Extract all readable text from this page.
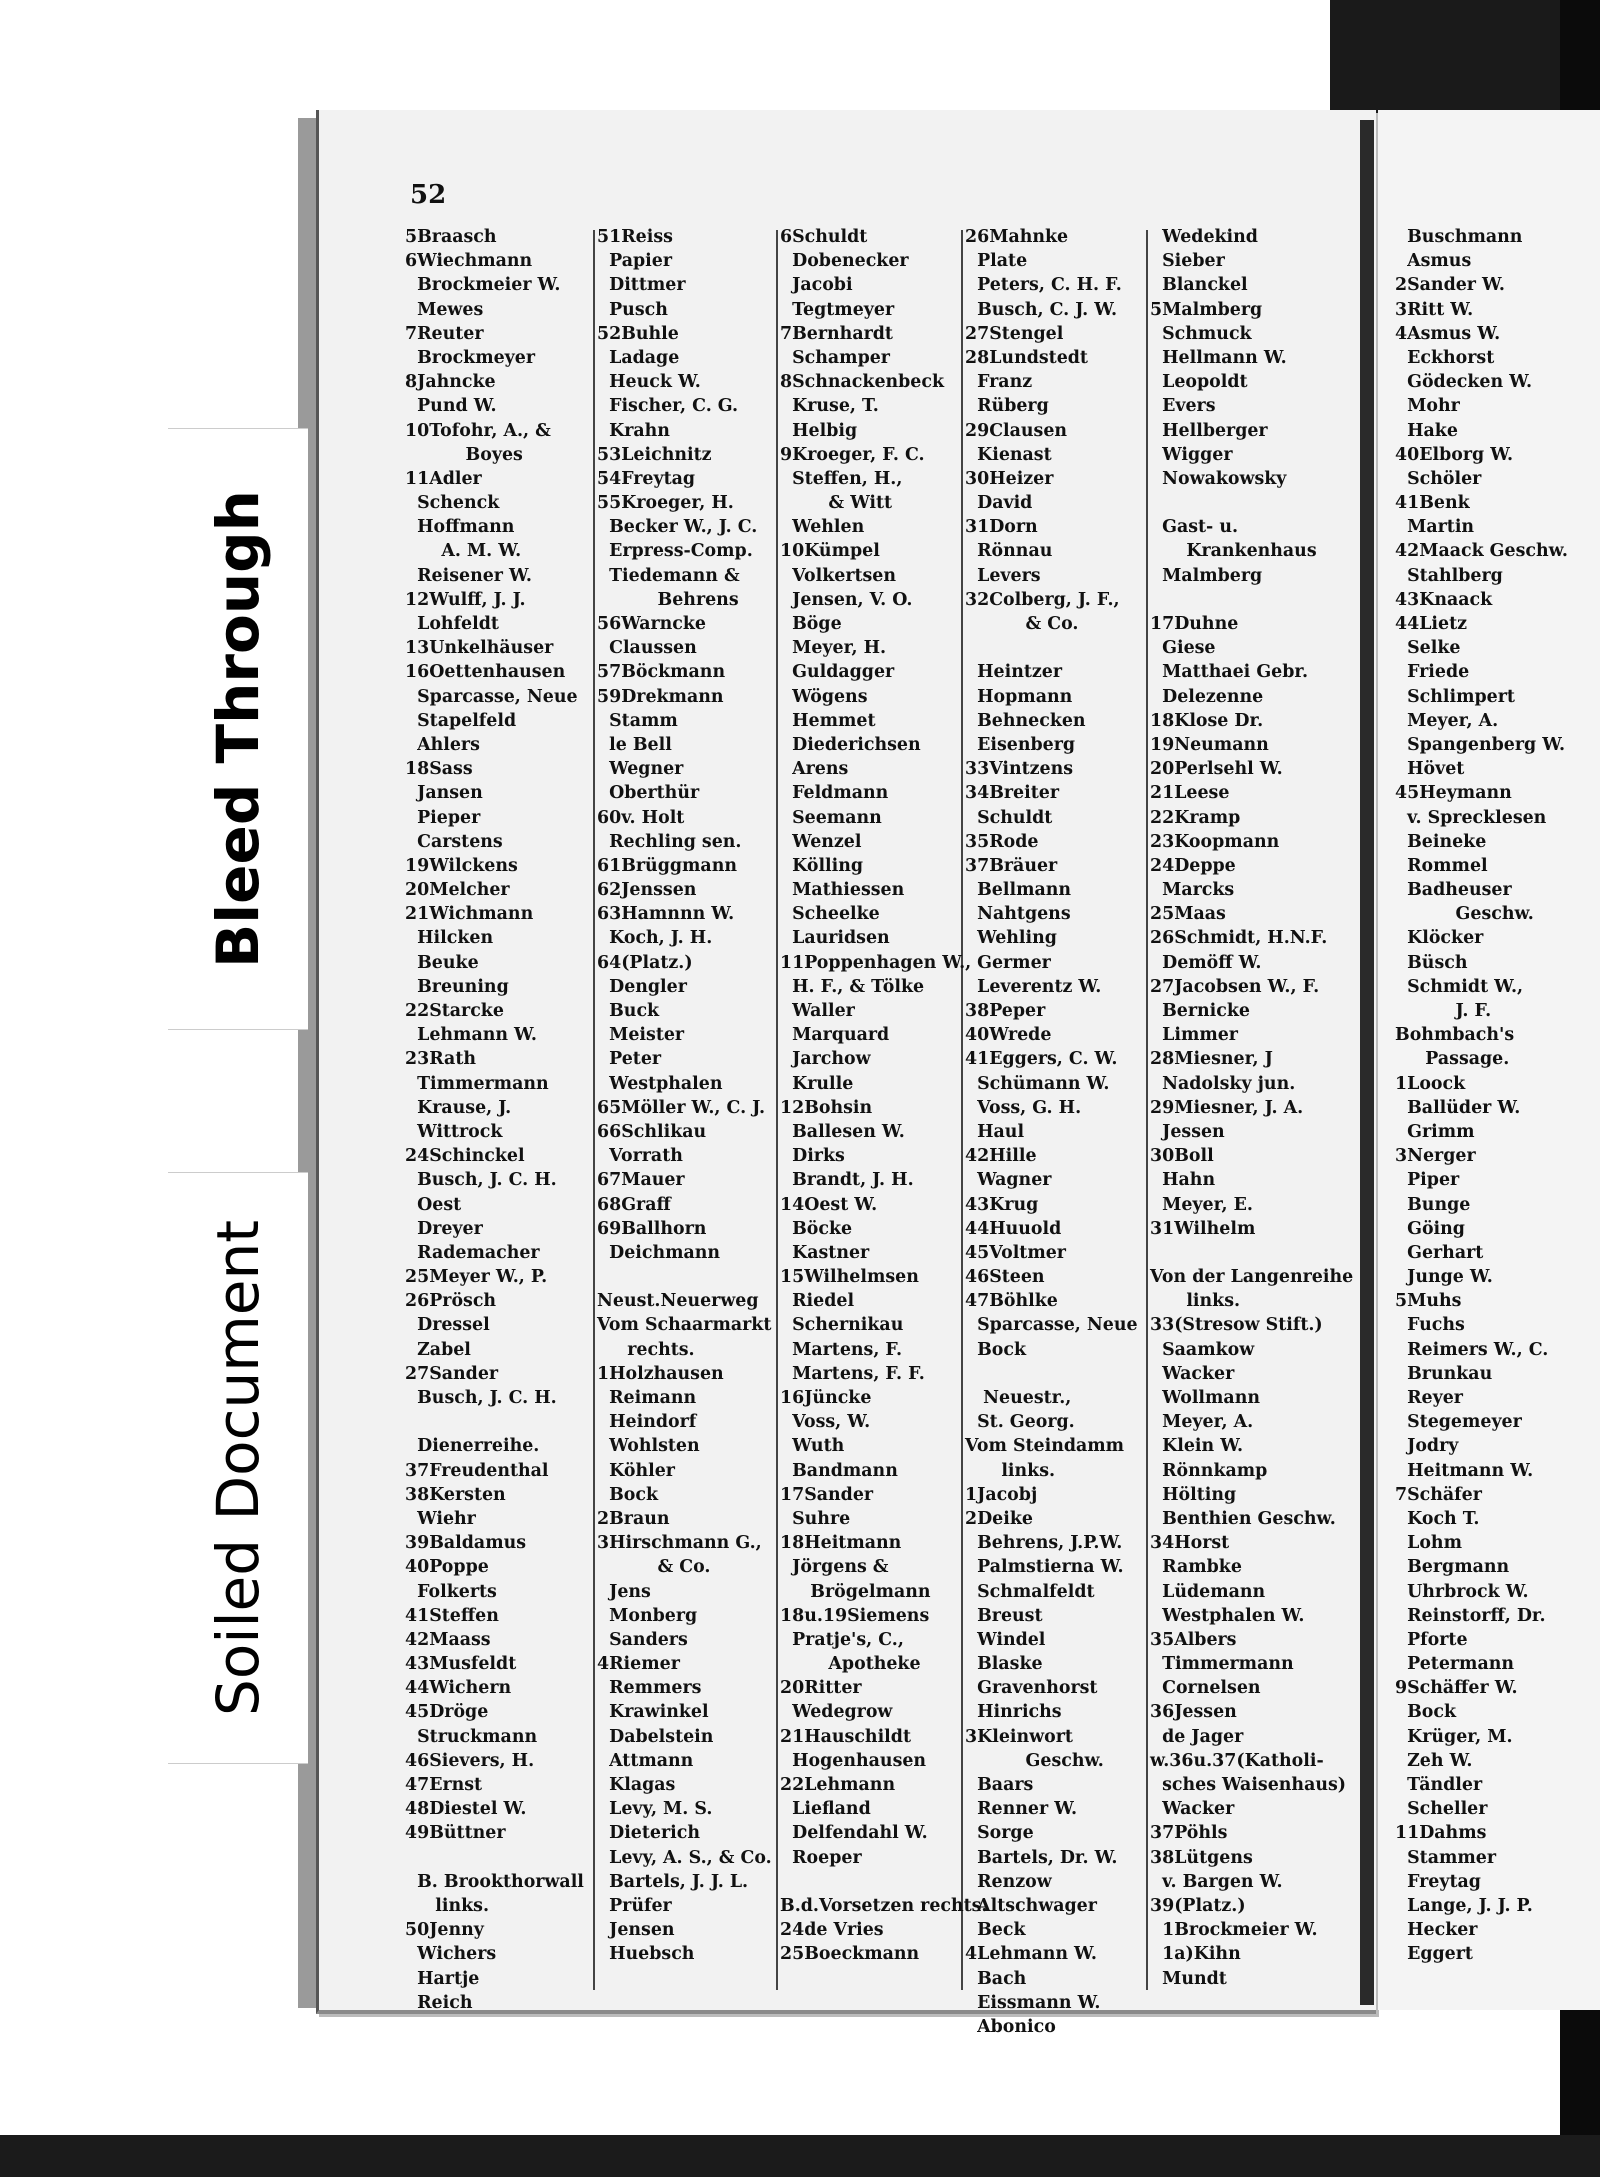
52
5Braasch
6Wiechmann
Brockmeier W.
Mewes
7Reuter
Brockmeyer
8Jahncke
Pund W.
10Tofohr, A., &
Boyes
11Adler
Schenck
Hoffmann
A. M. W.
Reisener W.
12Wulff, J. J.
Lohfeldt
13Unkelhäuser
16Oettenhausen
Sparcasse, Neue
Stapelfeld
Ahlers
18Sass
Jansen
Pieper
Carstens
19Wilckens
20Melcher
21Wichmann
Hilcken
Beuke
Breuning
22Starcke
Lehmann W.
23Rath
Timmermann
Krause, J.
Wittrock
24Schinckel
Busch, J. C. H.
Oest
Dreyer
Rademacher
25Meyer W., P.
26Prösch
Dressel
Zabel
27Sander
Busch, J. C. H.
Dienerreihe.
37Freudenthal
38Kersten
Wiehr
39Baldamus
40Poppe
Folkerts
41Steffen
42Maass
43Musfeldt
44Wichern
45Dröge
Struckmann
46Sievers, H.
47Ernst
48Diestel W.
49Büttner
B. Brookthorwall
links.
50Jenny
Wichers
Hartje
Reich
51Reiss
Papier
Dittmer
Pusch
52Buhle
Ladage
Heuck W.
Fischer, C. G.
Krahn
53Leichnitz
54Freytag
55Kroeger, H.
Becker W., J. C.
Erpress-Comp.
Tiedemann &
Behrens
56Warncke
Claussen
57Böckmann
59Drekmann
Stamm
le Bell
Wegner
Oberthür
60v. Holt
Rechling sen.
61Brüggmann
62Jenssen
63Hamnnn W.
Koch, J. H.
64(Platz.)
Dengler
Buck
Meister
Peter
Westphalen
65Möller W., C. J.
66Schlikau
Vorrath
67Mauer
68Graff
69Ballhorn
Deichmann
Neust.Neuerweg
Vom Schaarmarkt
rechts.
1Holzhausen
Reimann
Heindorf
Wohlsten
Köhler
Bock
2Braun
3Hirschmann G.,
& Co.
Jens
Monberg
Sanders
4Riemer
Remmers
Krawinkel
Dabelstein
Attmann
Klagas
Levy, M. S.
Dieterich
Levy, A. S., & Co.
Bartels, J. J. L.
Prüfer
Jensen
Huebsch
6Schuldt
Dobenecker
Jacobi
Tegtmeyer
7Bernhardt
Schamper
8Schnackenbeck
Kruse, T.
Helbig
9Kroeger, F. C.
Steffen, H.,
& Witt
Wehlen
10Kümpel
Volkertsen
Jensen, V. O.
Böge
Meyer, H.
Guldagger
Wögens
Hemmet
Diederichsen
Arens
Feldmann
Seemann
Wenzel
Kölling
Mathiessen
Scheelke
Lauridsen
11Poppenhagen W.,
H. F., & Tölke
Waller
Marquard
Jarchow
Krulle
12Bohsin
Ballesen W.
Dirks
Brandt, J. H.
14Oest W.
Böcke
Kastner
15Wilhelmsen
Riedel
Schernikau
Martens, F.
Martens, F. F.
16Jüncke
Voss, W.
Wuth
Bandmann
17Sander
Suhre
18Heitmann
Jörgens &
Brögelmann
18u.19Siemens
Pratje's, C.,
Apotheke
20Ritter
Wedegrow
21Hauschildt
Hogenhausen
22Lehmann
Liefland
Delfendahl W.
Roeper
B.d.Vorsetzen rechts.
24de Vries
25Boeckmann
26Mahnke
Plate
Peters, C. H. F.
Busch, C. J. W.
27Stengel
28Lundstedt
Franz
Rüberg
29Clausen
Kienast
30Heizer
David
31Dorn
Rönnau
Levers
32Colberg, J. F.,
& Co.
Heintzer
Hopmann
Behnecken
Eisenberg
33Vintzens
34Breiter
Schuldt
35Rode
37Bräuer
Bellmann
Nahtgens
Wehling
Germer
Leverentz W.
38Peper
40Wrede
41Eggers, C. W.
Schümann W.
Voss, G. H.
Haul
42Hille
Wagner
43Krug
44Huuold
45Voltmer
46Steen
47Böhlke
Sparcasse, Neue
Bock
Neuestr.,
St. Georg.
Vom Steindamm
links.
1Jacobj
2Deike
Behrens, J.P.W.
Palmstierna W.
Schmalfeldt
Breust
Windel
Blaske
Gravenhorst
Hinrichs
3Kleinwort
Geschw.
Baars
Renner W.
Sorge
Bartels, Dr. W.
Renzow
Altschwager
Beck
4Lehmann W.
Bach
Eissmann W.
Abonico
Wedekind
Sieber
Blanckel
5Malmberg
Schmuck
Hellmann W.
Leopoldt
Evers
Hellberger
Wigger
Nowakowsky
Gast- u.
Krankenhaus
Malmberg
17Duhne
Giese
Matthaei Gebr.
Delezenne
18Klose Dr.
19Neumann
20Perlsehl W.
21Leese
22Kramp
23Koopmann
24Deppe
Marcks
25Maas
26Schmidt, H.N.F.
Demöff W.
27Jacobsen W., F.
Bernicke
Limmer
28Miesner, J
Nadolsky jun.
29Miesner, J. A.
Jessen
30Boll
Hahn
Meyer, E.
31Wilhelm
Von der Langenreihe
links.
33(Stresow Stift.)
Saamkow
Wacker
Wollmann
Meyer, A.
Klein W.
Rönnkamp
Hölting
Benthien Geschw.
34Horst
Rambke
Lüdemann
Westphalen W.
35Albers
Timmermann
Cornelsen
36Jessen
de Jager
w.36u.37(Katholi-
sches Waisenhaus)
Wacker
37Pöhls
38Lütgens
v. Bargen W.
39(Platz.)
1Brockmeier W.
1a)Kihn
Mundt
Buschmann
Asmus
2Sander W.
3Ritt W.
4Asmus W.
Eckhorst
Gödecken W.
Mohr
Hake
40Elborg W.
Schöler
41Benk
Martin
42Maack Geschw.
Stahlberg
43Knaack
44Lietz
Selke
Friede
Schlimpert
Meyer, A.
Spangenberg W.
Hövet
45Heymann
v. Sprecklesen
Beineke
Rommel
Badheuser
Geschw.
Klöcker
Büsch
Schmidt W.,
J. F.
Bohmbach's
Passage.
1Loock
Ballüder W.
Grimm
3Nerger
Piper
Bunge
Göing
Gerhart
Junge W.
5Muhs
Fuchs
Reimers W., C.
Brunkau
Reyer
Stegemeyer
Jodry
Heitmann W.
7Schäfer
Koch T.
Lohm
Bergmann
Uhrbrock W.
Reinstorff, Dr.
Pforte
Petermann
9Schäffer W.
Bock
Krüger, M.
Zeh W.
Tändler
Scheller
11Dahms
Stammer
Freytag
Lange, J. J. P.
Hecker
Eggert
Bleed Through
Soiled Document
